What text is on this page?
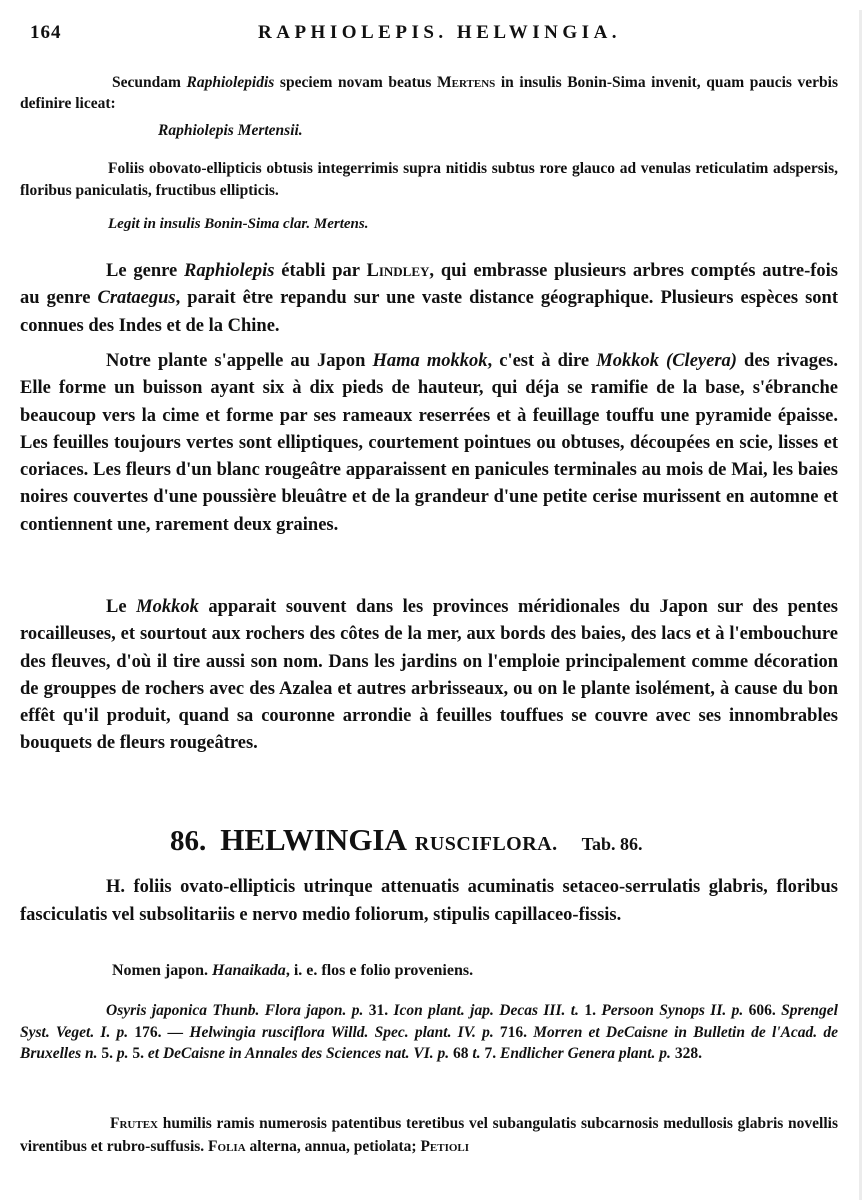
164	RAPHIOLEPIS. HELWINGIA.

Secundam Raphiolepidis speciem novam beatus Mertens in insulis Bonin-Sima invenit, quam paucis verbis definire liceat:

Raphiolepis Mertensii.

Foliis obovato-ellipticis obtusis integerrimis supra nitidis subtus rore glauco ad venulas reticulatim adspersis, floribus paniculatis, fructibus ellipticis.

Legit in insulis Bonin-Sima clar. Mertens.

Le genre Raphiolepis établi par Lindley, qui embrasse plusieurs arbres comptés autre-fois au genre Crataegus, parait être repandu sur une vaste distance géographique. Plusieurs espèces sont connues des Indes et de la Chine.

Notre plante s'appelle au Japon Hama mokkok, c'est à dire Mokkok (Cleyera) des rivages. Elle forme un buisson ayant six à dix pieds de hauteur, qui déja se ramifie de la base, s'ébranche beaucoup vers la cime et forme par ses rameaux reserrées et à feuillage touffu une pyramide épaisse. Les feuilles toujours vertes sont elliptiques, courtement pointues ou obtuses, découpées en scie, lisses et coriaces. Les fleurs d'un blanc rougeâtre apparaissent en panicules terminales au mois de Mai, les baies noires couvertes d'une poussière bleuâtre et de la grandeur d'une petite cerise murissent en automne et contiennent une, rarement deux graines.

Le Mokkok apparait souvent dans les provinces méridionales du Japon sur des pentes rocailleuses, et sourtout aux rochers des côtes de la mer, aux bords des baies, des lacs et à l'embouchure des fleuves, d'où il tire aussi son nom. Dans les jardins on l'emploie principalement comme décoration de grouppes de rochers avec des Azalea et autres arbrisseaux, ou on le plante isolément, à cause du bon effêt qu'il produit, quand sa couronne arrondie à feuilles touffues se couvre avec ses innombrables bouquets de fleurs rougeâtres.

86. HELWINGIA RUSCIFLORA. Tab. 86.

H. foliis ovato-ellipticis utrinque attenuatis acuminatis setaceo-serrulatis glabris, floribus fasciculatis vel subsolitariis e nervo medio foliorum, stipulis capillaceo-fissis.

Nomen japon. Hanaikada, i. e. flos e folio proveniens.

Osyris japonica Thunb. Flora japon. p. 31. Icon plant. jap. Decas III. t. 1. Persoon Synops II. p. 606. Sprengel Syst. Veget. I. p. 176. — Helwingia rusciflora Willd. Spec. plant. IV. p. 716. Morren et DeCaisne in Bulletin de l'Acad. de Bruxelles n. 5. p. 5. et DeCaisne in Annales des Sciences nat. VI. p. 68 t. 7. Endlicher Genera plant. p. 328.

Frutex humilis ramis numerosis patentibus teretibus vel subangulatis subcarnosis medullosis glabris novellis virentibus et rubro-suffusis. Folia alterna, annua, petiolata; Petioli
